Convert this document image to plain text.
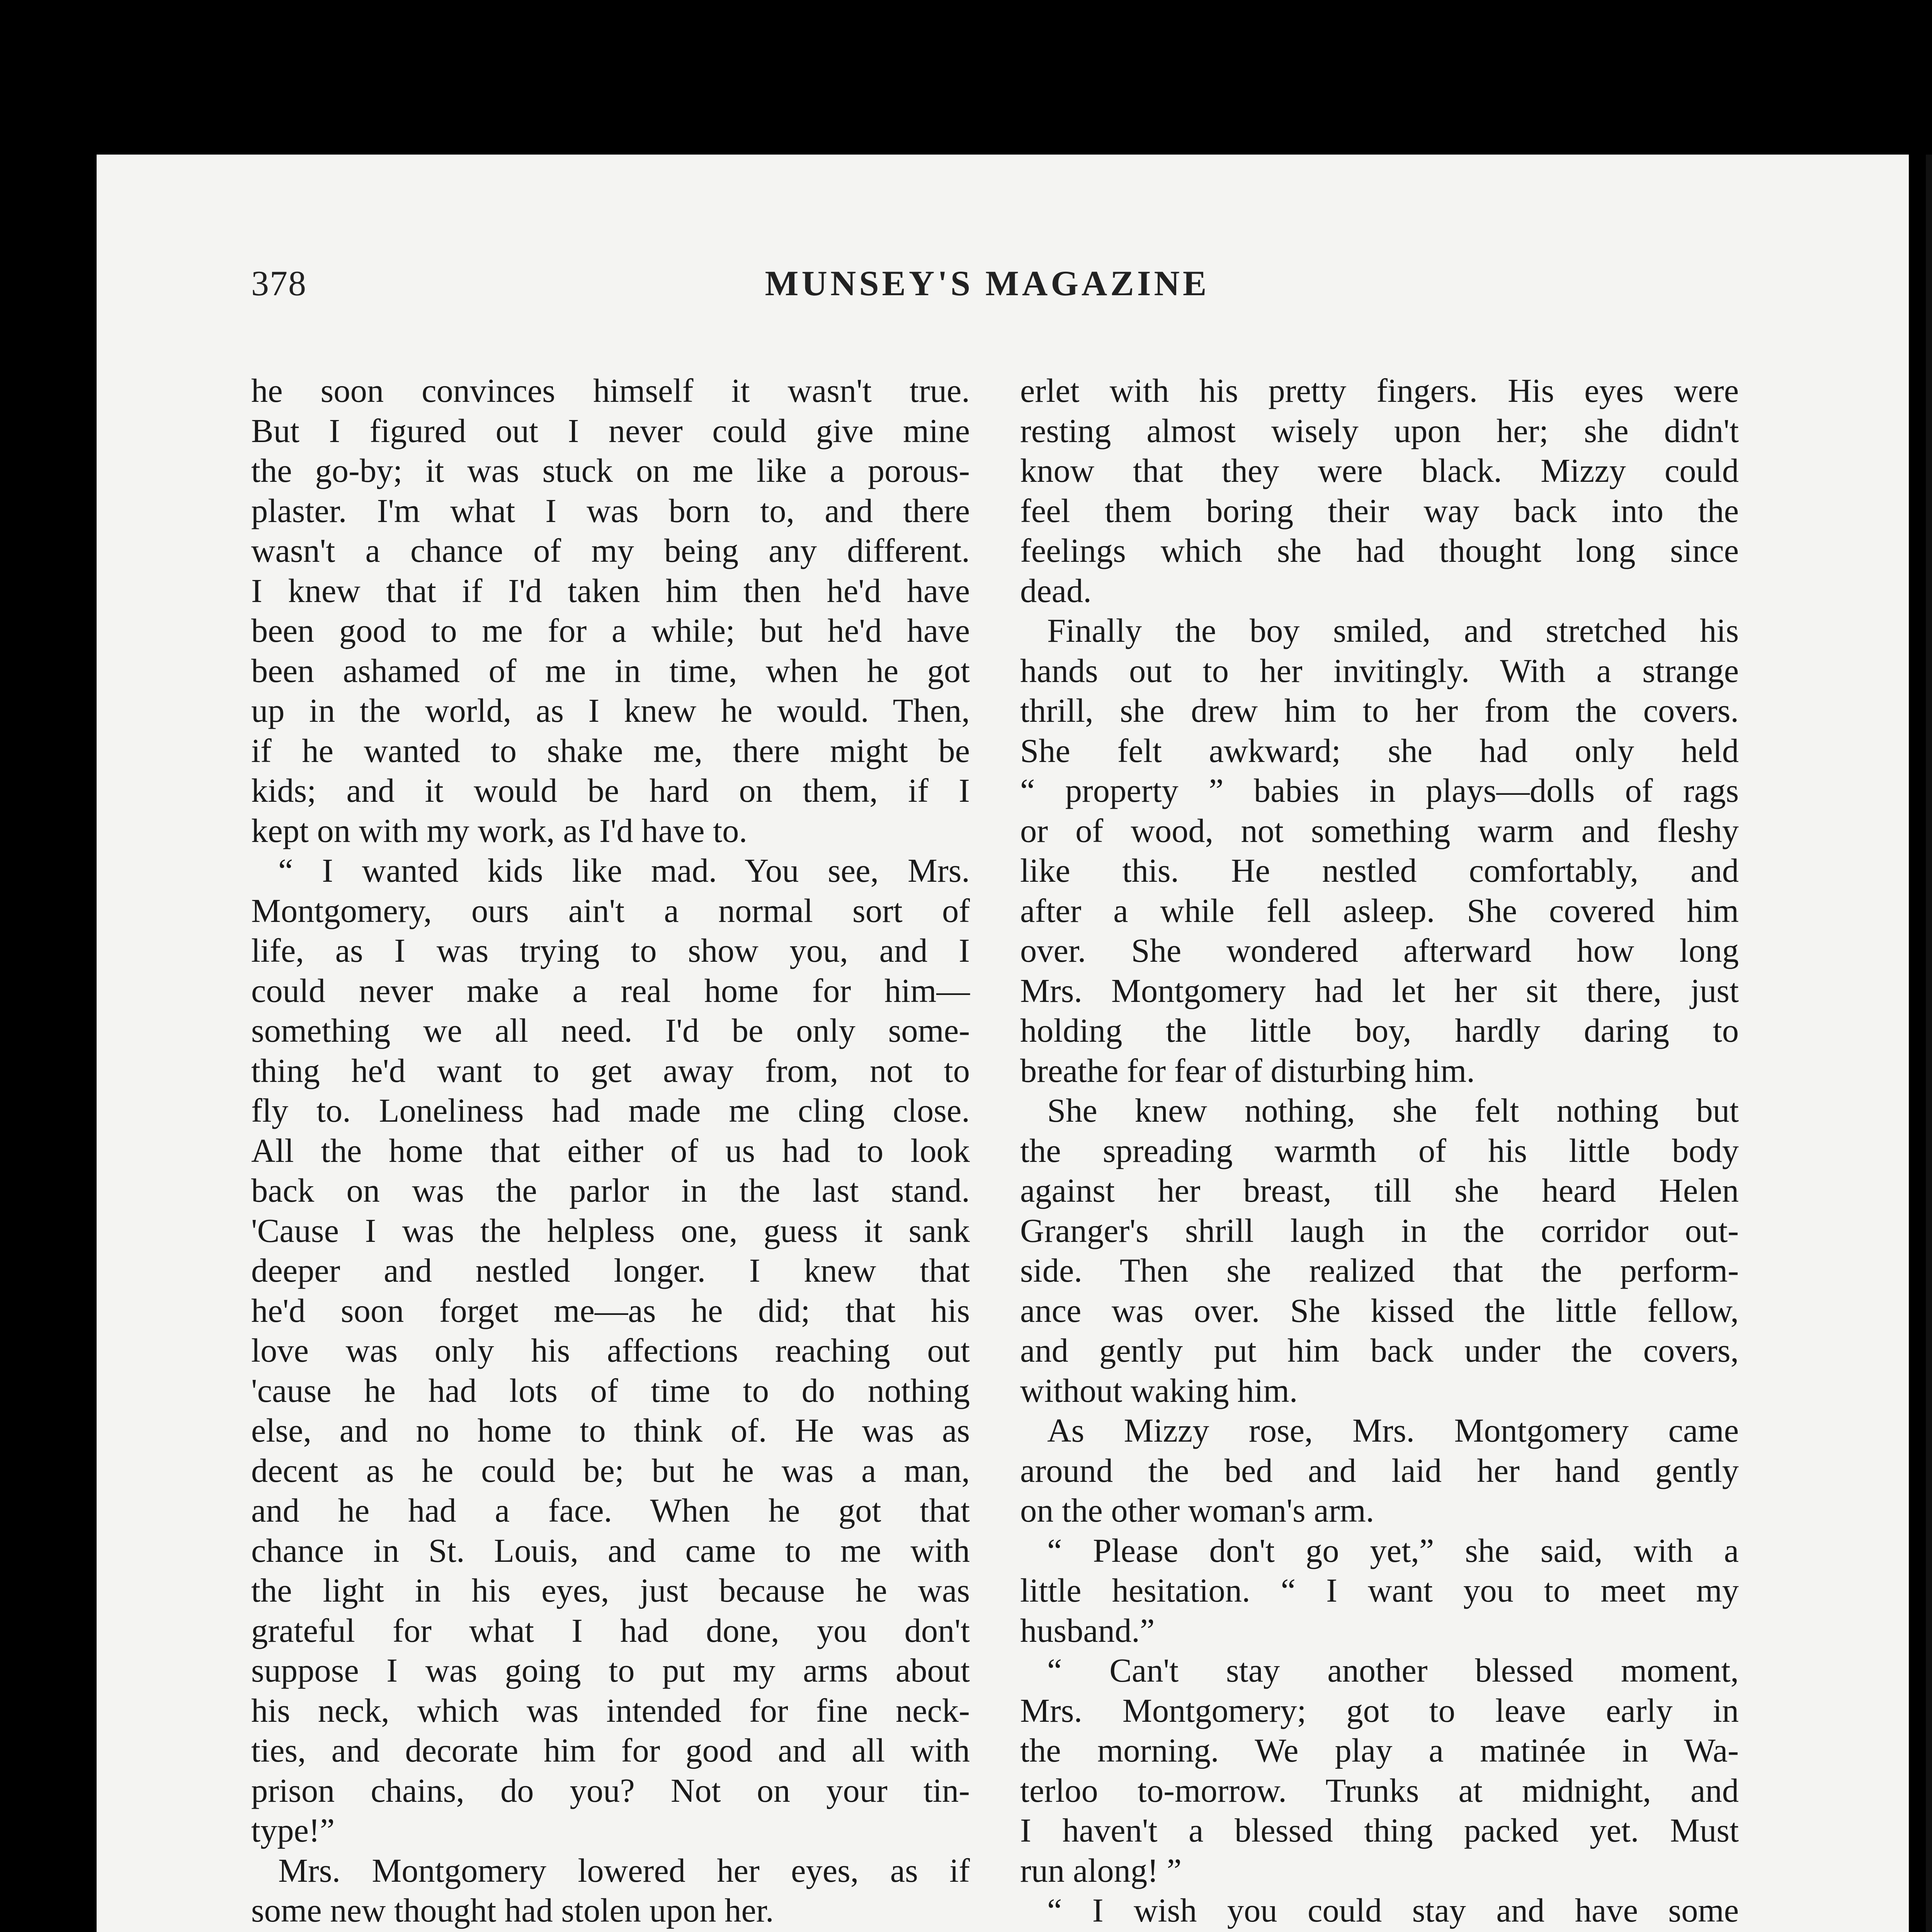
378	MUNSEY'S MAGAZINE
he soon convinces himself it wasn't true.
But I figured out I never could give mine
the go-by; it was stuck on me like a porous-
plaster. I'm what I was born to, and there
wasn't a chance of my being any different.
I knew that if I'd taken him then he'd have
been good to me for a while; but he'd have
been ashamed of me in time, when he got
up in the world, as I knew he would. Then,
if he wanted to shake me, there might be
kids; and it would be hard on them, if I
kept on with my work, as I'd have to.
“ I wanted kids like mad. You see, Mrs.
Montgomery, ours ain't a normal sort of
life, as I was trying to show you, and I
could never make a real home for him—
something we all need. I'd be only some-
thing he'd want to get away from, not to
fly to. Loneliness had made me cling close.
All the home that either of us had to look
back on was the parlor in the last stand.
'Cause I was the helpless one, guess it sank
deeper and nestled longer. I knew that
he'd soon forget me—as he did; that his
love was only his affections reaching out
'cause he had lots of time to do nothing
else, and no home to think of. He was as
decent as he could be; but he was a man,
and he had a face. When he got that
chance in St. Louis, and came to me with
the light in his eyes, just because he was
grateful for what I had done, you don't
suppose I was going to put my arms about
his neck, which was intended for fine neck-
ties, and decorate him for good and all with
prison chains, do you? Not on your tin-
type!”
Mrs. Montgomery lowered her eyes, as if
some new thought had stolen upon her.
erlet with his pretty fingers. His eyes were
resting almost wisely upon her; she didn't
know that they were black. Mizzy could
feel them boring their way back into the
feelings which she had thought long since
dead.
Finally the boy smiled, and stretched his
hands out to her invitingly. With a strange
thrill, she drew him to her from the covers.
She felt awkward; she had only held
“ property ” babies in plays—dolls of rags
or of wood, not something warm and fleshy
like this. He nestled comfortably, and
after a while fell asleep. She covered him
over. She wondered afterward how long
Mrs. Montgomery had let her sit there, just
holding the little boy, hardly daring to
breathe for fear of disturbing him.
She knew nothing, she felt nothing but
the spreading warmth of his little body
against her breast, till she heard Helen
Granger's shrill laugh in the corridor out-
side. Then she realized that the perform-
ance was over. She kissed the little fellow,
and gently put him back under the covers,
without waking him.
As Mizzy rose, Mrs. Montgomery came
around the bed and laid her hand gently
on the other woman's arm.
“ Please don't go yet,” she said, with a
little hesitation. “ I want you to meet my
husband.”
“ Can't stay another blessed moment,
Mrs. Montgomery; got to leave early in
the morning. We play a matinée in Wa-
terloo to-morrow. Trunks at midnight, and
I haven't a blessed thing packed yet. Must
run along! ”
“ I wish you could stay and have some
